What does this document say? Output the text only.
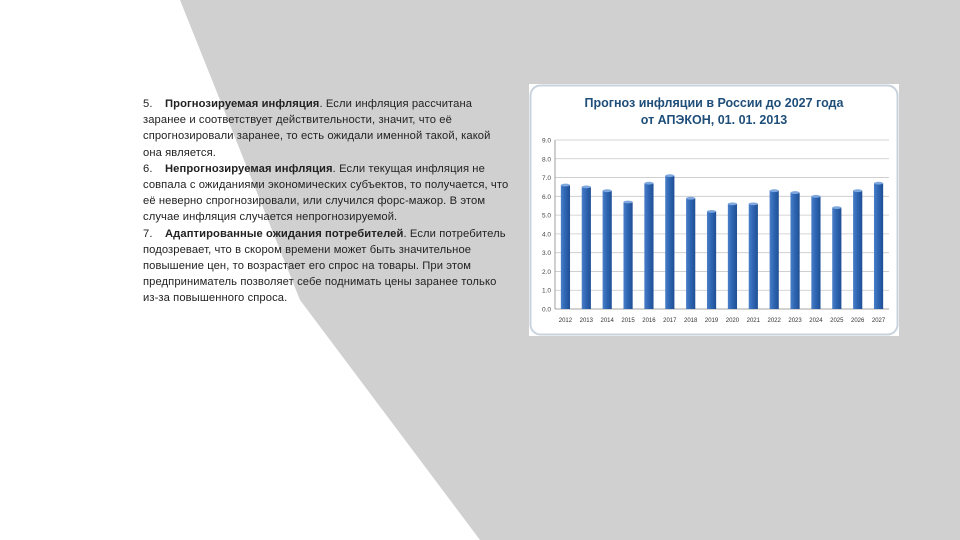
5. Прогнозируемая инфляция. Если инфляция рассчитана заранее и соответствует действительности, значит, что её спрогнозировали заранее, то есть ожидали именной такой, какой она является.

6. Непрогнозируемая инфляция. Если текущая инфляция не совпала с ожиданиями экономических субъектов, то получается, что её неверно спрогнозировали, или случился форс-мажор. В этом случае инфляция случается непрогнозируемой.

7. Адаптированные ожидания потребителей. Если потребитель подозревает, что в скором времени может быть значительное повышение цен, то возрастает его спрос на товары. При этом предприниматель позволяет себе поднимать цены заранее только из-за повышенного спроса.

Прогноз инфляции в России до 2027 года
от АПЭКОН, 01. 01. 2013
0.0
1.0
2.0
3.0
4.0
5.0
6.0
7.0
8.0
9.0
2012 2013 2014 2015 2016 2017 2018 2019 2020 2021 2022 2023 2024 2025 2026 2027
